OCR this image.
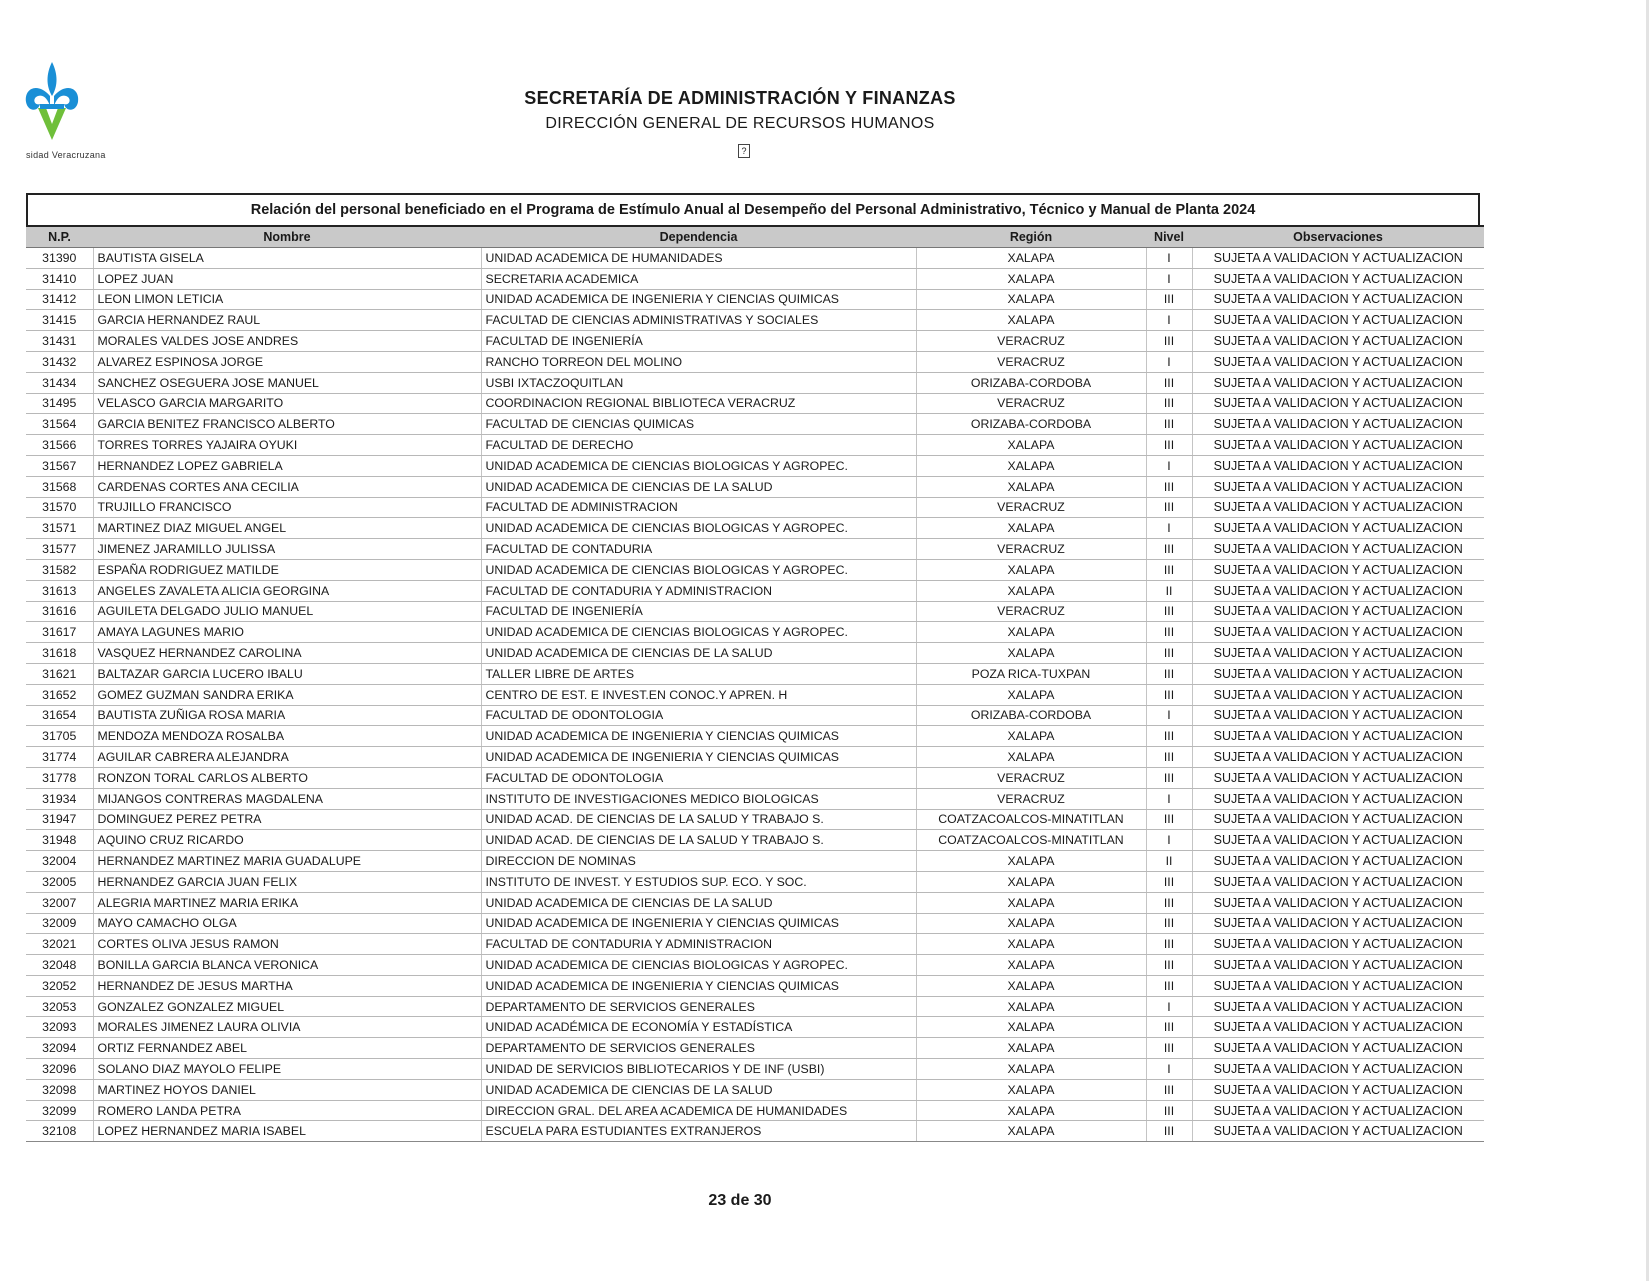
sidad Veracruzana
SECRETARÍA DE ADMINISTRACIÓN Y FINANZAS
DIRECCIÓN GENERAL DE RECURSOS HUMANOS
?
Relación del personal beneficiado en el Programa de Estímulo Anual al Desempeño del Personal Administrativo, Técnico y Manual de Planta 2024
N.P.	Nombre	Dependencia	Región	Nivel	Observaciones
31390	BAUTISTA GISELA	UNIDAD ACADEMICA DE HUMANIDADES	XALAPA	I	SUJETA A VALIDACION Y ACTUALIZACION
31410	LOPEZ JUAN	SECRETARIA ACADEMICA	XALAPA	I	SUJETA A VALIDACION Y ACTUALIZACION
31412	LEON LIMON LETICIA	UNIDAD ACADEMICA DE INGENIERIA Y CIENCIAS QUIMICAS	XALAPA	III	SUJETA A VALIDACION Y ACTUALIZACION
31415	GARCIA HERNANDEZ RAUL	FACULTAD DE CIENCIAS ADMINISTRATIVAS Y SOCIALES	XALAPA	I	SUJETA A VALIDACION Y ACTUALIZACION
31431	MORALES VALDES JOSE ANDRES	FACULTAD DE INGENIERÍA	VERACRUZ	III	SUJETA A VALIDACION Y ACTUALIZACION
31432	ALVAREZ ESPINOSA JORGE	RANCHO TORREON DEL MOLINO	VERACRUZ	I	SUJETA A VALIDACION Y ACTUALIZACION
31434	SANCHEZ OSEGUERA JOSE MANUEL	USBI IXTACZOQUITLAN	ORIZABA-CORDOBA	III	SUJETA A VALIDACION Y ACTUALIZACION
31495	VELASCO GARCIA MARGARITO	COORDINACION REGIONAL BIBLIOTECA VERACRUZ	VERACRUZ	III	SUJETA A VALIDACION Y ACTUALIZACION
31564	GARCIA BENITEZ FRANCISCO ALBERTO	FACULTAD DE CIENCIAS QUIMICAS	ORIZABA-CORDOBA	III	SUJETA A VALIDACION Y ACTUALIZACION
31566	TORRES TORRES YAJAIRA OYUKI	FACULTAD DE DERECHO	XALAPA	III	SUJETA A VALIDACION Y ACTUALIZACION
31567	HERNANDEZ LOPEZ GABRIELA	UNIDAD ACADEMICA DE CIENCIAS BIOLOGICAS Y AGROPEC.	XALAPA	I	SUJETA A VALIDACION Y ACTUALIZACION
31568	CARDENAS CORTES ANA CECILIA	UNIDAD ACADEMICA DE CIENCIAS DE LA SALUD	XALAPA	III	SUJETA A VALIDACION Y ACTUALIZACION
31570	TRUJILLO FRANCISCO	FACULTAD DE ADMINISTRACION	VERACRUZ	III	SUJETA A VALIDACION Y ACTUALIZACION
31571	MARTINEZ DIAZ MIGUEL ANGEL	UNIDAD ACADEMICA DE CIENCIAS BIOLOGICAS Y AGROPEC.	XALAPA	I	SUJETA A VALIDACION Y ACTUALIZACION
31577	JIMENEZ JARAMILLO JULISSA	FACULTAD DE CONTADURIA	VERACRUZ	III	SUJETA A VALIDACION Y ACTUALIZACION
31582	ESPAÑA RODRIGUEZ MATILDE	UNIDAD ACADEMICA DE CIENCIAS BIOLOGICAS Y AGROPEC.	XALAPA	III	SUJETA A VALIDACION Y ACTUALIZACION
31613	ANGELES ZAVALETA ALICIA GEORGINA	FACULTAD DE CONTADURIA Y ADMINISTRACION	XALAPA	II	SUJETA A VALIDACION Y ACTUALIZACION
31616	AGUILETA DELGADO JULIO MANUEL	FACULTAD DE INGENIERÍA	VERACRUZ	III	SUJETA A VALIDACION Y ACTUALIZACION
31617	AMAYA LAGUNES MARIO	UNIDAD ACADEMICA DE CIENCIAS BIOLOGICAS Y AGROPEC.	XALAPA	III	SUJETA A VALIDACION Y ACTUALIZACION
31618	VASQUEZ HERNANDEZ CAROLINA	UNIDAD ACADEMICA DE CIENCIAS DE LA SALUD	XALAPA	III	SUJETA A VALIDACION Y ACTUALIZACION
31621	BALTAZAR GARCIA LUCERO IBALU	TALLER LIBRE DE ARTES	POZA RICA-TUXPAN	III	SUJETA A VALIDACION Y ACTUALIZACION
31652	GOMEZ GUZMAN SANDRA ERIKA	CENTRO DE EST. E INVEST.EN CONOC.Y APREN. H	XALAPA	III	SUJETA A VALIDACION Y ACTUALIZACION
31654	BAUTISTA ZUÑIGA ROSA MARIA	FACULTAD DE ODONTOLOGIA	ORIZABA-CORDOBA	I	SUJETA A VALIDACION Y ACTUALIZACION
31705	MENDOZA MENDOZA ROSALBA	UNIDAD ACADEMICA DE INGENIERIA Y CIENCIAS QUIMICAS	XALAPA	III	SUJETA A VALIDACION Y ACTUALIZACION
31774	AGUILAR CABRERA ALEJANDRA	UNIDAD ACADEMICA DE INGENIERIA Y CIENCIAS QUIMICAS	XALAPA	III	SUJETA A VALIDACION Y ACTUALIZACION
31778	RONZON TORAL CARLOS ALBERTO	FACULTAD DE ODONTOLOGIA	VERACRUZ	III	SUJETA A VALIDACION Y ACTUALIZACION
31934	MIJANGOS CONTRERAS MAGDALENA	INSTITUTO DE INVESTIGACIONES MEDICO BIOLOGICAS	VERACRUZ	I	SUJETA A VALIDACION Y ACTUALIZACION
31947	DOMINGUEZ PEREZ PETRA	UNIDAD ACAD. DE CIENCIAS DE LA SALUD Y TRABAJO S.	COATZACOALCOS-MINATITLAN	III	SUJETA A VALIDACION Y ACTUALIZACION
31948	AQUINO CRUZ RICARDO	UNIDAD ACAD. DE CIENCIAS DE LA SALUD Y TRABAJO S.	COATZACOALCOS-MINATITLAN	I	SUJETA A VALIDACION Y ACTUALIZACION
32004	HERNANDEZ MARTINEZ MARIA GUADALUPE	DIRECCION DE NOMINAS	XALAPA	II	SUJETA A VALIDACION Y ACTUALIZACION
32005	HERNANDEZ GARCIA JUAN FELIX	INSTITUTO DE INVEST. Y ESTUDIOS SUP. ECO. Y SOC.	XALAPA	III	SUJETA A VALIDACION Y ACTUALIZACION
32007	ALEGRIA MARTINEZ MARIA ERIKA	UNIDAD ACADEMICA DE CIENCIAS DE LA SALUD	XALAPA	III	SUJETA A VALIDACION Y ACTUALIZACION
32009	MAYO CAMACHO OLGA	UNIDAD ACADEMICA DE INGENIERIA Y CIENCIAS QUIMICAS	XALAPA	III	SUJETA A VALIDACION Y ACTUALIZACION
32021	CORTES OLIVA JESUS RAMON	FACULTAD DE CONTADURIA Y ADMINISTRACION	XALAPA	III	SUJETA A VALIDACION Y ACTUALIZACION
32048	BONILLA GARCIA BLANCA VERONICA	UNIDAD ACADEMICA DE CIENCIAS BIOLOGICAS Y AGROPEC.	XALAPA	III	SUJETA A VALIDACION Y ACTUALIZACION
32052	HERNANDEZ DE JESUS MARTHA	UNIDAD ACADEMICA DE INGENIERIA Y CIENCIAS QUIMICAS	XALAPA	III	SUJETA A VALIDACION Y ACTUALIZACION
32053	GONZALEZ GONZALEZ MIGUEL	DEPARTAMENTO DE SERVICIOS GENERALES	XALAPA	I	SUJETA A VALIDACION Y ACTUALIZACION
32093	MORALES JIMENEZ LAURA OLIVIA	UNIDAD ACADÉMICA DE ECONOMÍA Y ESTADÍSTICA	XALAPA	III	SUJETA A VALIDACION Y ACTUALIZACION
32094	ORTIZ FERNANDEZ ABEL	DEPARTAMENTO DE SERVICIOS GENERALES	XALAPA	III	SUJETA A VALIDACION Y ACTUALIZACION
32096	SOLANO DIAZ MAYOLO FELIPE	UNIDAD DE SERVICIOS BIBLIOTECARIOS Y DE INF (USBI)	XALAPA	I	SUJETA A VALIDACION Y ACTUALIZACION
32098	MARTINEZ HOYOS DANIEL	UNIDAD ACADEMICA DE CIENCIAS DE LA SALUD	XALAPA	III	SUJETA A VALIDACION Y ACTUALIZACION
32099	ROMERO LANDA PETRA	DIRECCION GRAL. DEL AREA ACADEMICA DE HUMANIDADES	XALAPA	III	SUJETA A VALIDACION Y ACTUALIZACION
32108	LOPEZ HERNANDEZ MARIA ISABEL	ESCUELA PARA ESTUDIANTES EXTRANJEROS	XALAPA	III	SUJETA A VALIDACION Y ACTUALIZACION
23 de 30
